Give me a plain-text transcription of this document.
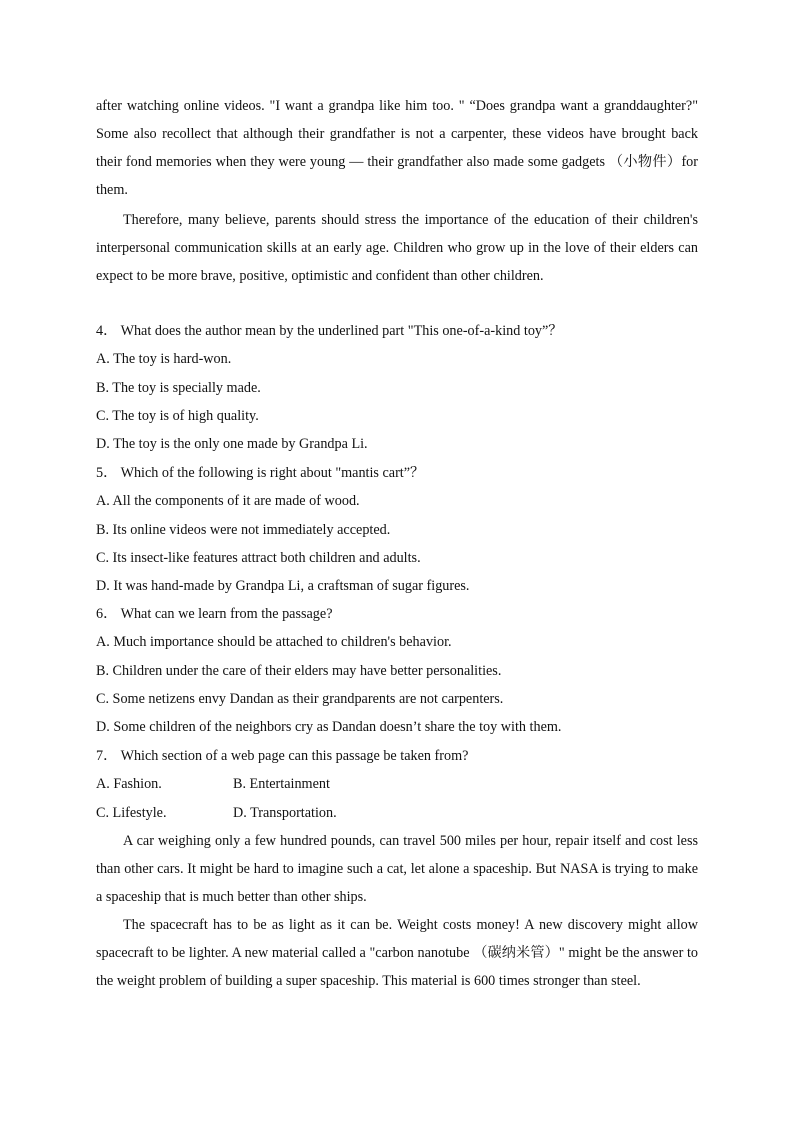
after watching online videos. "I want a grandpa like him too. " “Does grandpa want a granddaughter?" Some also recollect that although their grandfather is not a carpenter, these videos have brought back their fond memories when they were young — their grandfather also made some gadgets （小物件）for them.

Therefore, many believe, parents should stress the importance of the education of their children's interpersonal communication skills at an early age. Children who grow up in the love of their elders can expect to be more brave, positive, optimistic and confident than other children.

4． What does the author mean by the underlined part "This one-of-a-kind toy”？

A. The toy is hard-won.

B. The toy is specially made.

C. The toy is of high quality.

D. The toy is the only one made by Grandpa Li.

5． Which of the following is right about "mantis cart”？

A. All the components of it are made of wood.

B. Its online videos were not immediately accepted.

C. Its insect-like features attract both children and adults.

D. It was hand-made by Grandpa Li, a craftsman of sugar figures.

6． What can we learn from the passage?

A. Much importance should be attached to children's behavior.

B. Children under the care of their elders may have better personalities.

C. Some netizens envy Dandan as their grandparents are not carpenters.

D. Some children of the neighbors cry as Dandan doesn’t share the toy with them.

7． Which section of a web page can this passage be taken from?

A. Fashion.	B. Entertainment
C. Lifestyle.	D. Transportation.

A car weighing only a few hundred pounds, can travel 500 miles per hour, repair itself and cost less than other cars. It might be hard to imagine such a cat, let alone a spaceship. But NASA is trying to make a spaceship that is much better than other ships.

The spacecraft has to be as light as it can be. Weight costs money! A new discovery might allow spacecraft to be lighter. A new material called a "carbon nanotube （碳纳米管）" might be the answer to the weight problem of building a super spaceship. This material is 600 times stronger than steel.
